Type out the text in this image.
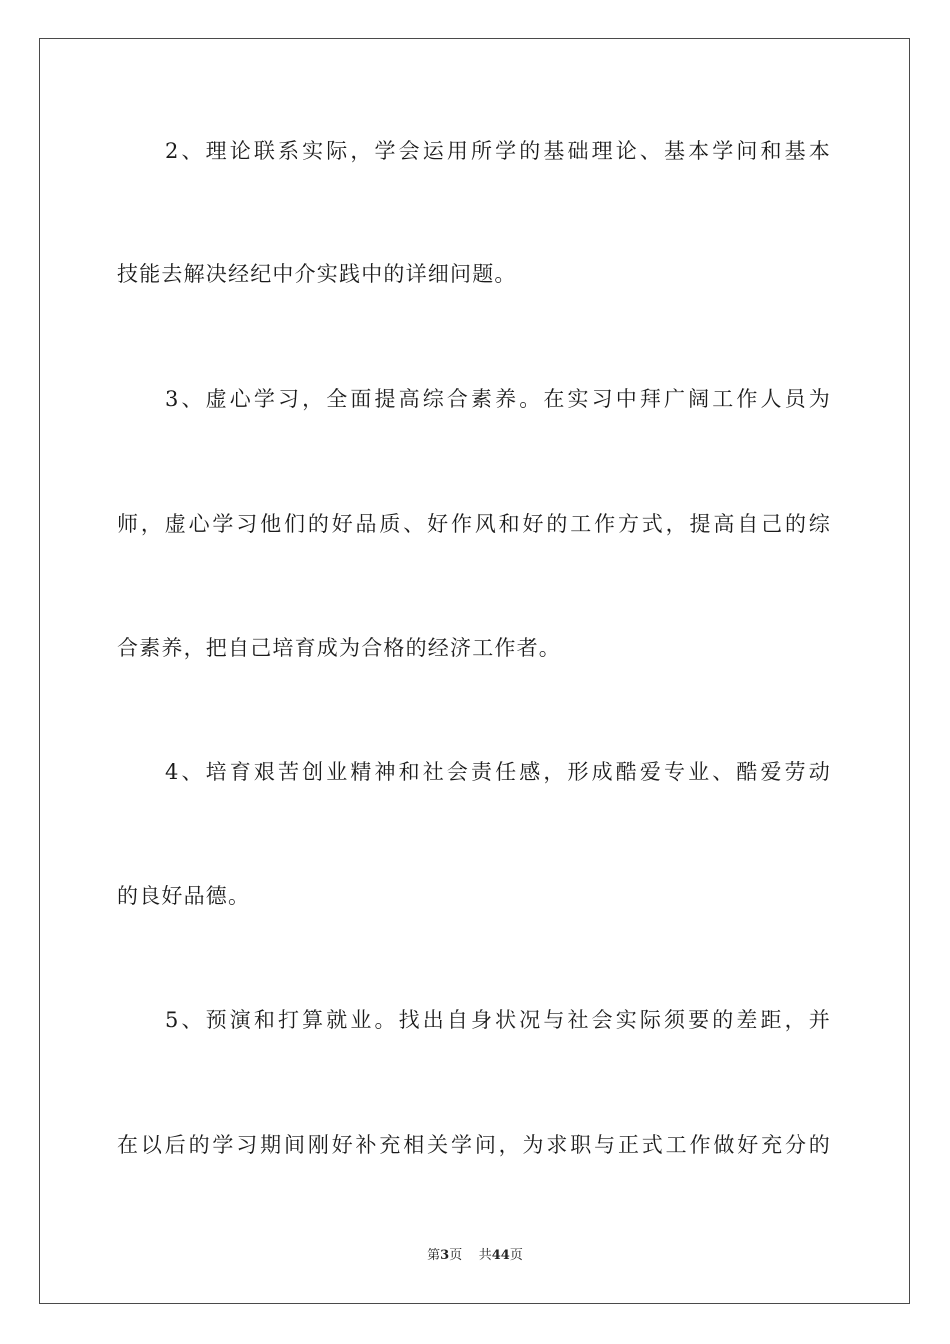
2、理论联系实际，学会运用所学的基础理论、基本学问和基本
技能去解决经纪中介实践中的详细问题。
3、虚心学习，全面提高综合素养。在实习中拜广阔工作人员为
师，虚心学习他们的好品质、好作风和好的工作方式，提高自己的综
合素养，把自己培育成为合格的经济工作者。
4、培育艰苦创业精神和社会责任感，形成酷爱专业、酷爱劳动
的良好品德。
5、预演和打算就业。找出自身状况与社会实际须要的差距，并
在以后的学习期间刚好补充相关学问，为求职与正式工作做好充分的
第3页 共44页
